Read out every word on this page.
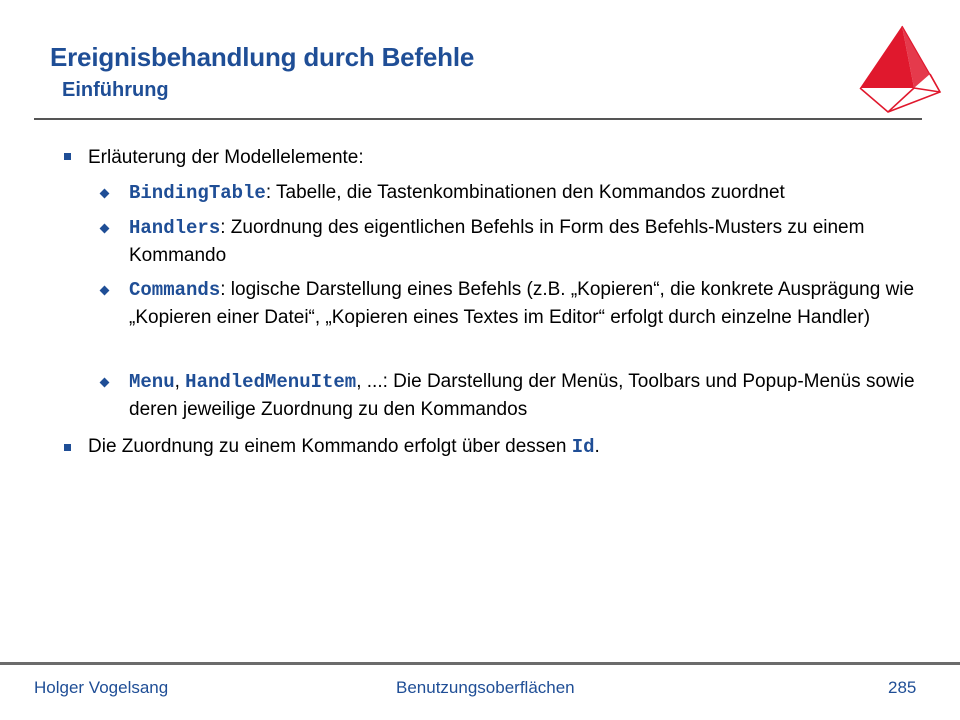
Ereignisbehandlung durch Befehle
Einführung
Erläuterung der Modellelemente:
BindingTable: Tabelle, die Tastenkombinationen den Kommandos zuordnet
Handlers: Zuordnung des eigentlichen Befehls in Form des Befehls-Musters zu einem Kommando
Commands: logische Darstellung eines Befehls (z.B. „Kopieren“, die konkrete Ausprägung wie „Kopieren einer Datei“, „Kopieren eines Textes im Editor“ erfolgt durch einzelne Handler)
Menu, HandledMenuItem, ...: Die Darstellung der Menüs, Toolbars und Popup-Menüs sowie deren jeweilige Zuordnung zu den Kommandos
Die Zuordnung zu einem Kommando erfolgt über dessen Id.
Holger Vogelsang	Benutzungsoberflächen	285
